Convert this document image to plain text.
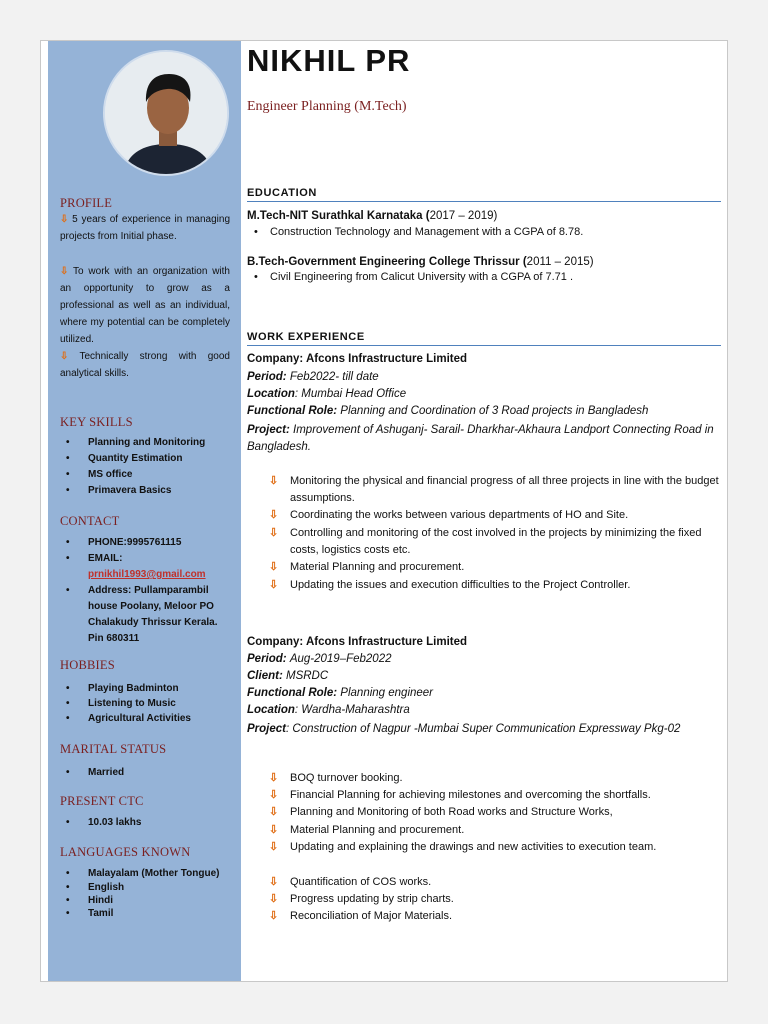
PROFILE
⇩ 5 years of experience in managing projects from Initial phase.
⇩ To work with an organization with an opportunity to grow as a professional as well as an individual, where my potential can be completely utilized.
⇩ Technically strong with good analytical skills.
KEY SKILLS
• Planning and Monitoring
• Quantity Estimation
• MS office
• Primavera Basics
CONTACT
• PHONE:9995761115
• EMAIL:
prnikhil1993@gmail.com
• Address: Pullamparambil house Poolany, Meloor PO Chalakudy Thrissur Kerala. Pin 680311
HOBBIES
• Playing Badminton
• Listening to Music
• Agricultural Activities
MARITAL STATUS
• Married
PRESENT CTC
• 10.03 lakhs
LANGUAGES KNOWN
• Malayalam (Mother Tongue)
• English
• Hindi
• Tamil
NIKHIL PR
Engineer Planning (M.Tech)
EDUCATION
M.Tech-NIT Surathkal Karnataka (2017 – 2019)
• Construction Technology and Management with a CGPA of 8.78.
B.Tech-Government Engineering College Thrissur (2011 – 2015)
• Civil Engineering from Calicut University with a CGPA of 7.71 .
WORK EXPERIENCE
Company: Afcons Infrastructure Limited
Period: Feb2022- till date
Location: Mumbai Head Office
Functional Role: Planning and Coordination of 3 Road projects in Bangladesh
Project: Improvement of Ashuganj- Sarail- Dharkhar-Akhaura Landport Connecting Road in Bangladesh.
⇩	Monitoring the physical and financial progress of all three projects in line with the budget assumptions.
⇩	Coordinating the works between various departments of HO and Site.
⇩	Controlling and monitoring of the cost involved in the projects by minimizing the fixed costs, logistics costs etc.
⇩	Material Planning and procurement.
⇩	Updating the issues and execution difficulties to the Project Controller.
Company: Afcons Infrastructure Limited
Period: Aug-2019–Feb2022
Client: MSRDC
Functional Role: Planning engineer
Location: Wardha-Maharashtra
Project: Construction of Nagpur -Mumbai Super Communication Expressway Pkg-02
⇩	BOQ turnover booking.
⇩	Financial Planning for achieving milestones and overcoming the shortfalls.
⇩	Planning and Monitoring of both Road works and Structure Works,
⇩	Material Planning and procurement.
⇩	Updating and explaining the drawings and new activities to execution team.
⇩	Quantification of COS works.
⇩	Progress updating by strip charts.
⇩	Reconciliation of Major Materials.
